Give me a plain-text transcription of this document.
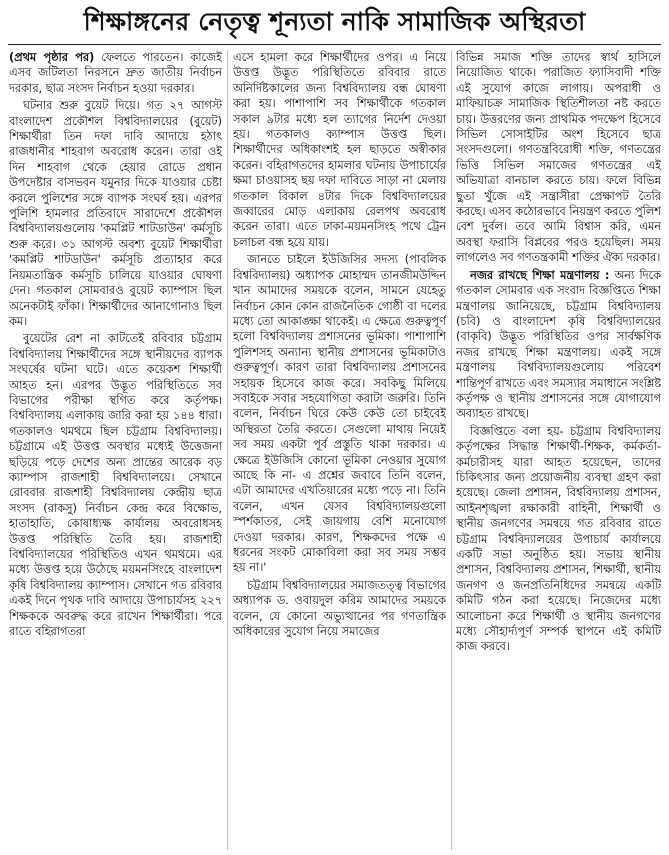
শিক্ষাঙ্গনের নেতৃত্ব শূন্যতা নাকি সামাজিক অস্থিরতা

(প্রথম পৃষ্ঠার পর) ফেলতে পারতেন। কাজেই এসব জটিলতা নিরসনে দ্রুত জাতীয় নির্বাচন দরকার, ছাত্র সংসদ নির্বাচন হওয়া দরকার।

ঘটনার শুরু বুয়েট দিয়ে। গত ২৭ আগস্ট বাংলাদেশ প্রকৌশল বিশ্ববিদ্যালয়ের (বুয়েট) শিক্ষার্থীরা তিন দফা দাবি আদায়ে হঠাৎ রাজধানীর শাহবাগ অবরোধ করেন। তারা ওই দিন শাহবাগ থেকে হেয়ার রোডে প্রধান উপদেষ্টার বাসভবন যমুনার দিকে যাওয়ার চেষ্টা করলে পুলিশের সঙ্গে ব্যাপক সংঘর্ষ হয়। এরপর পুলিশি হামলার প্রতিবাদে সারাদেশে প্রকৌশল বিশ্ববিদ্যালয়গুলোয় 'কমপ্লিট শাটডাউন' কর্মসূচি শুরু করে। ৩১ আগস্ট অবশ্য বুয়েট শিক্ষার্থীরা 'কমপ্লিট শাটডাউন' কর্মসূচি প্রত্যাহার করে নিয়মতান্ত্রিক কর্মসূচি চালিয়ে যাওয়ার ঘোষণা দেন। গতকাল সোমবারও বুয়েট ক্যাম্পাস ছিল অনেকটাই ফাঁকা। শিক্ষার্থীদের আনাগোনাও ছিল কম।

বুয়েটের রেশ না কাটতেই রবিবার চট্টগ্রাম বিশ্ববিদ্যালয় শিক্ষার্থীদের সঙ্গে স্থানীয়দের ব্যাপক সংঘর্ষের ঘটনা ঘটে। এতে কয়েকশ শিক্ষার্থী আহত হন। এরপর উদ্ভূত পরিস্থিতিতে সব বিভাগের পরীক্ষা স্থগিত করে কর্তৃপক্ষ। বিশ্ববিদ্যালয় এলাকায় জারি করা হয় ১৪৪ ধারা। গতকালও থমথমে ছিল চট্টগ্রাম বিশ্ববিদ্যালয়। চট্টগ্রামে এই উত্তপ্ত অবস্থার মধ্যেই উত্তেজনা ছড়িয়ে পড়ে দেশের অন্য প্রান্তের আরেক বড় ক্যাম্পাস রাজশাহী বিশ্ববিদ্যালয়ে। সেখানে রোববার রাজশাহী বিশ্ববিদ্যালয় কেন্দ্রীয় ছাত্র সংসদ (রাকসু) নির্বাচন কেন্দ্র করে বিক্ষোভ, হাতাহাতি, কোষাধ্যক্ষ কার্যালয় অবরোধসহ উত্তপ্ত পরিস্থিতি তৈরি হয়। রাজশাহী বিশ্ববিদ্যালয়ের পরিস্থিতিও এখন থমথমে। এর মধ্যে উত্তপ্ত হয়ে উঠেছে ময়মনসিংহে বাংলাদেশ কৃষি বিশ্ববিদ্যালয় ক্যাম্পাস। সেখানে গত রবিবার একই দিনে পৃথক দাবি আদায়ে উপাচার্যসহ ২২৭ শিক্ষককে অবরুদ্ধ করে রাখেন শিক্ষার্থীরা। পরে রাতে বহিরাগতরা

এসে হামলা করে শিক্ষার্থীদের ওপর। এ নিয়ে উত্তপ্ত উদ্ভূত পরিস্থিতিতে রবিবার রাতে অনির্দিষ্টকালের জন্য বিশ্ববিদ্যালয় বন্ধ ঘোষণা করা হয়। পাশাপাশি সব শিক্ষার্থীকে গতকাল সকাল ৯টার মধ্যে হল ত্যাগের নির্দেশ দেওয়া হয়। গতকালও ক্যাম্পাস উত্তপ্ত ছিল। শিক্ষার্থীদের অধিকাংশই হল ছাড়তে অস্বীকার করেন। বহিরাগতদের হামলার ঘটনায় উপাচার্যের ক্ষমা চাওয়াসহ ছয় দফা দাবিতে সাড়া না মেলায় গতকাল বিকাল ৪টার দিকে বিশ্ববিদ্যালয়ের জব্বারের মোড় এলাকায় রেলপথ অবরোধ করেন তারা। এতে ঢাকা-ময়মনসিংহ পথে ট্রেন চলাচল বন্ধ হয়ে যায়।

জানতে চাইলে ইউজিসির সদস্য (পাবলিক বিশ্ববিদ্যালয়) অধ্যাপক মোহাম্মদ তানজীমউদ্দিন খান আমাদের সময়কে বলেন, সামনে যেহেতু নির্বাচন কোন কোন রাজনৈতিক গোষ্ঠী বা দলের মধ্যে তো আকাঙ্ক্ষা থাকেই। এ ক্ষেত্রে গুরুত্বপূর্ণ হলো বিশ্ববিদ্যালয় প্রশাসনের ভূমিকা। পাশাপাশি পুলিশসহ অন্যান্য স্থানীয় প্রশাসনের ভূমিকাটাও গুরুত্বপূর্ণ। কারণ তারা বিশ্ববিদ্যালয় প্রশাসনের সহায়ক হিসেবে কাজ করে। সবকিছু মিলিয়ে সবাইকে সবার সহযোগিতা করাটা জরুরি। তিনি বলেন, নির্বাচন ঘিরে কেউ কেউ তো চাইবেই অস্থিরতা তৈরি করতে। সেগুলো মাথায় নিয়েই সব সময় একটা পূর্ব প্রস্তুতি থাকা দরকার। এ ক্ষেত্রে ইউজিসি কোনো ভূমিকা নেওয়ার সুযোগ আছে কি না- এ প্রশ্নের জবাবে তিনি বলেন, এটা আমাদের এখতিয়ারের মধ্যে পড়ে না। তিনি বলেন, এখন যেসব বিশ্ববিদ্যালয়গুলো স্পর্শকাতর, সেই জায়গায় বেশি মনোযোগ দেওয়া দরকার। কারণ, শিক্ষকদের পক্ষে এ ধরনের সংকট মোকাবিলা করা সব সময় সম্ভব হয় না।'

চট্টগ্রাম বিশ্ববিদ্যালয়ের সমাজতত্ত্ব বিভাগের অধ্যাপক ড. ওবায়দুল করিম আমাদের সময়কে বলেন, যে কোনো অভ্যুত্থানের পর গণতান্ত্রিক অধিকারের সুযোগ নিয়ে সমাজের

বিভিন্ন সমাজ শক্তি তাদের স্বার্থ হাসিলে নিয়োজিত থাকে। পরাজিত ফ্যাসিবাদী শক্তি এই সুযোগ কাজে লাগায়। অপরাধী ও মাফিয়াচক্র সামাজিক স্থিতিশীলতা নষ্ট করতে চায়। উত্তরণের জন্য প্রাথমিক পদক্ষেপ হিসেবে সিভিল সোসাইটির অংশ হিসেবে ছাত্র সংসদগুলো। গণতন্ত্রবিরোধী শক্তি, গণতন্ত্রের ভিত্তি সিভিল সমাজের গণতন্ত্রের এই অভিযাত্রা বানচাল করতে চায়। ফলে বিভিন্ন ছুতা খুঁজে এই সন্ত্রাসীরা প্রেক্ষাপট তৈরি করছে। এসব কঠোরভাবে নিয়ন্ত্রণ করতে পুলিশ বেশ দুর্বল। তবে আমি বিশ্বাস করি, এমন অবস্থা ফরাসি বিপ্লবের পরও হয়েছিল। সময় লাগলেও সব গণতন্ত্রকামী শক্তির ঐক্য দরকার।

নজর রাখছে শিক্ষা মন্ত্রণালয় : অন্য দিকে গতকাল সোমবার এক সংবাদ বিজ্ঞপ্তিতে শিক্ষা মন্ত্রণালয় জানিয়েছে, চট্টগ্রাম বিশ্ববিদ্যালয় (চবি) ও বাংলাদেশ কৃষি বিশ্ববিদ্যালয়ের (বাকৃবি) উদ্ভূত পরিস্থিতির ওপর সার্বক্ষণিক নজর রাখছে শিক্ষা মন্ত্রণালয়। একই সঙ্গে মন্ত্রণালয় বিশ্ববিদ্যালয়গুলোয় পরিবেশ শান্তিপূর্ণ রাখতে এবং সমস্যার সমাধানে সংশ্লিষ্ট কর্তৃপক্ষ ও স্থানীয় প্রশাসনের সঙ্গে যোগাযোগ অব্যাহত রাখছে।

বিজ্ঞপ্তিতে বলা হয়- চট্টগ্রাম বিশ্ববিদ্যালয় কর্তৃপক্ষের সিদ্ধান্ত শিক্ষার্থী-শিক্ষক, কর্মকর্তা-কর্মচারীসহ যারা আহত হয়েছেন, তাদের চিকিৎসার জন্য প্রয়োজনীয় ব্যবস্থা গ্রহণ করা হয়েছে। জেলা প্রশাসন, বিশ্ববিদ্যালয় প্রশাসন, আইনশৃঙ্খলা রক্ষাকারী বাহিনী, শিক্ষার্থী ও স্থানীয় জনগণের সমন্বয়ে গত রবিবার রাতে চট্টগ্রাম বিশ্ববিদ্যালয়ের উপাচার্য কার্যালয়ে একটি সভা অনুষ্ঠিত হয়। সভায় স্থানীয় প্রশাসন, বিশ্ববিদ্যালয় প্রশাসন, শিক্ষার্থী, স্থানীয় জনগণ ও জনপ্রতিনিধিদের সমন্বয়ে একটি কমিটি গঠন করা হয়েছে। নিজেদের মধ্যে আলোচনা করে শিক্ষার্থী ও স্থানীয় জনগণের মধ্যে সৌহার্দ্যপূর্ণ সম্পর্ক স্থাপনে এই কমিটি কাজ করবে।
